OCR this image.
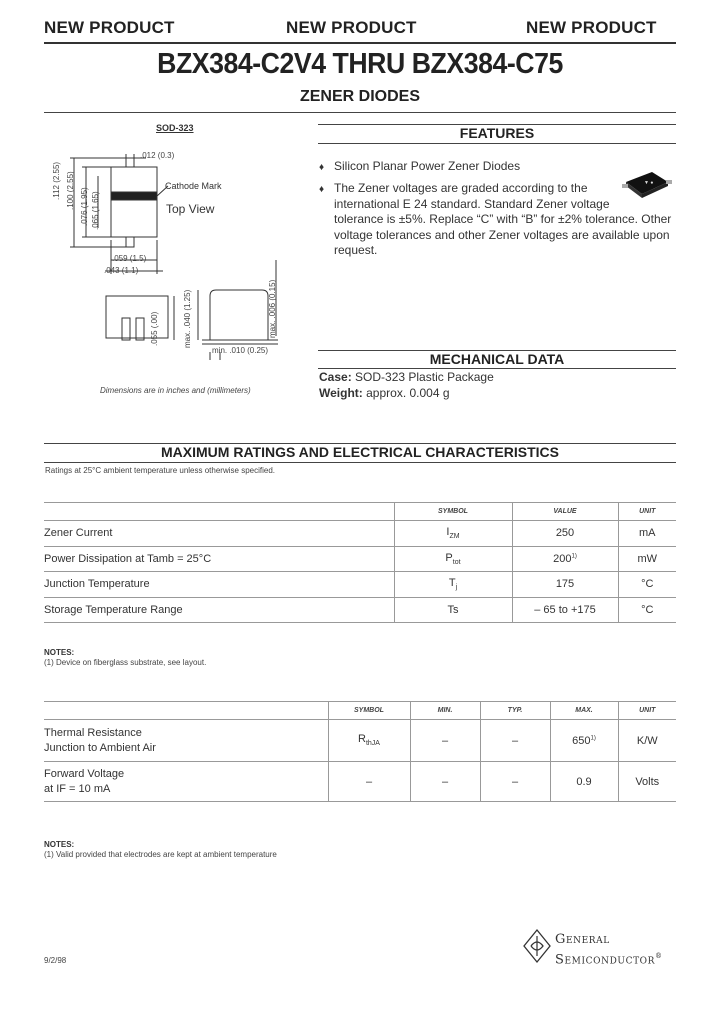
NEW PRODUCT	NEW PRODUCT	NEW PRODUCT
BZX384-C2V4 THRU BZX384-C75
ZENER DIODES
SOD-323
.012 (0.3)
Cathode Mark
Top View
.112 (2.55) .100 (2.55) .076 (1.95) .065 (1.65)
.059 (1.5)
.043 (1.1)
max. .040 (1.25)	max. .006 (0.15)
.055 (.00)
min. .010 (0.25)
Dimensions are in inches and (millimeters)
FEATURES
♦ Silicon Planar Power Zener Diodes
♦ The Zener voltages are graded according to the
international E 24 standard. Standard Zener voltage
tolerance is ±5%. Replace “C” with “B” for ±2% tolerance. Other
voltage tolerances and other Zener voltages are available upon
request.
▼ ●
MECHANICAL DATA
Case: SOD-323 Plastic Package
Weight: approx. 0.004 g
MAXIMUM RATINGS AND ELECTRICAL CHARACTERISTICS
Ratings at 25°C ambient temperature unless otherwise specified.
	SYMBOL	VALUE	UNIT
Zener Current	$I_{ZM}$	250	mA
Power Dissipation at Tamb = 25°C	$P_{tot}$	200$^{1)}$	mW
Junction Temperature	$T_j$	175	°C
Storage Temperature Range	Ts	– 65 to +175	°C
NOTES:
(1) Device on fiberglass substrate, see layout.
	SYMBOL	MIN.	TYP.	MAX.	UNIT

Thermal Resistance
Junction to Ambient Air	$R_{thJA}$	–	–	650$^{1)}$	K/W

Forward Voltage
at IF = 10 mA	–	–	–	0.9	Volts
NOTES:
(1) Valid provided that electrodes are kept at ambient temperature
9/2/98
General
Semiconductor®
